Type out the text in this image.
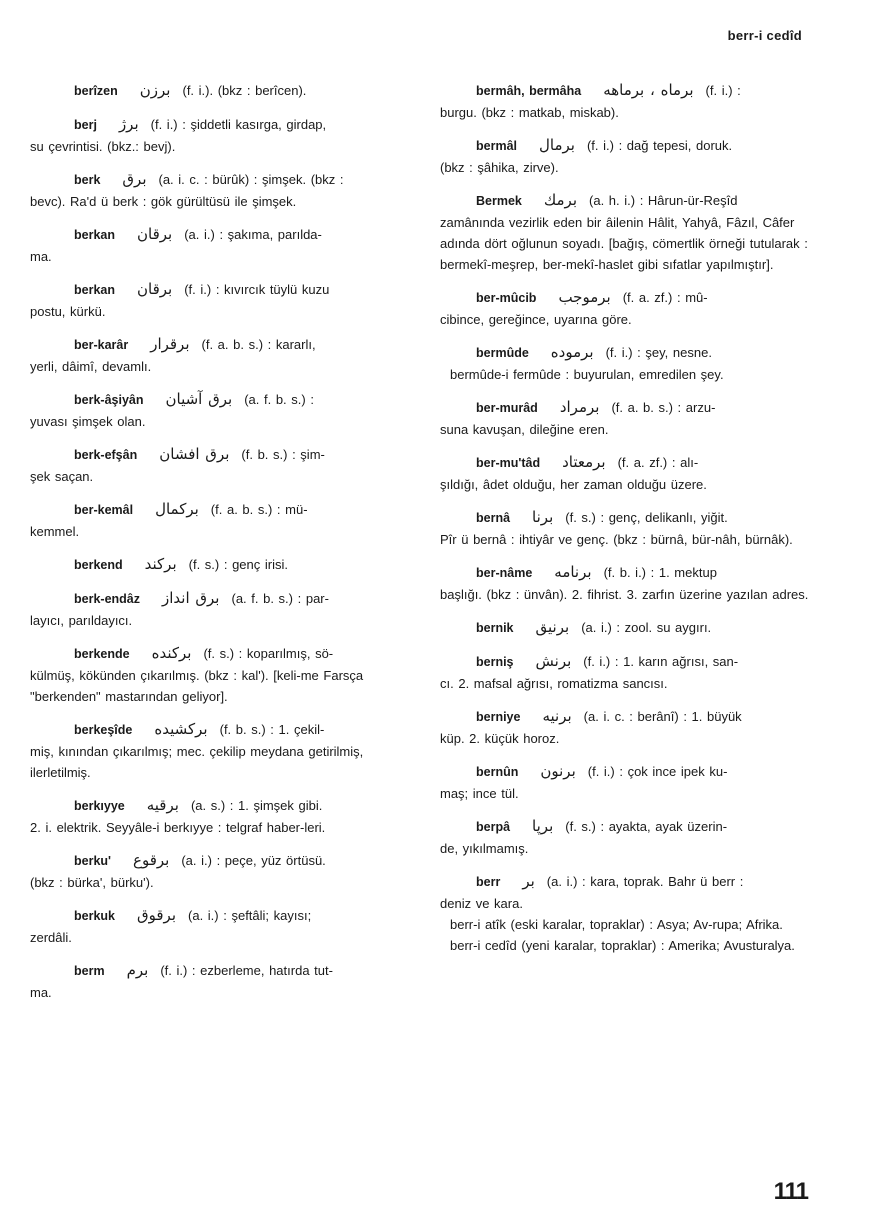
berr-i cedîd
berîzen برزن (f. i.). (bkz : berîcen).
berj برژ (f. i.) : şiddetli kasırga, girdap,
su çevrintisi. (bkz.: bevj).
berk برق (a. i. c. : bürûk) : şimşek. (bkz :
bevc). Ra'd ü berk : gök gürültüsü ile şimşek.
berkan برقان (a. i.) : şakıma, parılda-
ma.
berkan برقان (f. i.) : kıvırcık tüylü kuzu
postu, kürkü.
ber-karâr برقرار (f. a. b. s.) : kararlı,
yerli, dâimî, devamlı.
berk-âşiyân برق آشيان (a. f. b. s.) :
yuvası şimşek olan.
berk-efşân برق افشان (f. b. s.) : şim-
şek saçan.
ber-kemâl بركمال (f. a. b. s.) : mü-
kemmel.
berkend بركند (f. s.) : genç irisi.
berk-endâz برق انداز (a. f. b. s.) : par-
layıcı, parıldayıcı.
berkende بركنده (f. s.) : koparılmış, sö-
külmüş, kökünden çıkarılmış. (bkz : kal'). [keli-me Farsça "berkenden" mastarından geliyor].
berkeşîde بركشيده (f. b. s.) : 1. çekil-
miş, kınından çıkarılmış; mec. çekilip meydana getirilmiş, ilerletilmiş.
berkıyye برقيه (a. s.) : 1. şimşek gibi.
2. i. elektrik. Seyyâle-i berkıyye : telgraf haber-leri.
berku' برقوع (a. i.) : peçe, yüz örtüsü.
(bkz : bürka', bürku').
berkuk برقوق (a. i.) : şeftâli; kayısı;
zerdâli.
berm برم (f. i.) : ezberleme, hatırda tut-
ma.
bermâh, bermâha برماه ، برماهه (f. i.) :
burgu. (bkz : matkab, miskab).
bermâl برمال (f. i.) : dağ tepesi, doruk.
(bkz : şâhika, zirve).
Bermek برمك (a. h. i.) : Hârun-ür-Reşîd
zamânında vezirlik eden bir âilenin Hâlit, Yahyâ, Fâzıl, Câfer adında dört oğlunun soyadı. [bağış, cömertlik örneği tutularak : bermekî-meşrep, ber-mekî-haslet gibi sıfatlar yapılmıştır].
ber-mûcib برموجب (f. a. zf.) : mû-
cibince, gereğince, uyarına göre.
bermûde برموده (f. i.) : şey, nesne.
bermûde-i fermûde : buyurulan, emredilen şey.
ber-murâd برمراد (f. a. b. s.) : arzu-
suna kavuşan, dileğine eren.
ber-mu'tâd برمعتاد (f. a. zf.) : alı-
şıldığı, âdet olduğu, her zaman olduğu üzere.
bernâ برنا (f. s.) : genç, delikanlı, yiğit.
Pîr ü bernâ : ihtiyâr ve genç. (bkz : bürnâ, bür-nâh, bürnâk).
ber-nâme برنامه (f. b. i.) : 1. mektup
başlığı. (bkz : ünvân). 2. fihrist. 3. zarfın üzerine yazılan adres.
bernik برنيق (a. i.) : zool. su aygırı.
berniş برنش (f. i.) : 1. karın ağrısı, san-
cı. 2. mafsal ağrısı, romatizma sancısı.
berniye برنيه (a. i. c. : berânî) : 1. büyük
küp. 2. küçük horoz.
bernûn برنون (f. i.) : çok ince ipek ku-
maş; ince tül.
berpâ برپا (f. s.) : ayakta, ayak üzerin-
de, yıkılmamış.
berr بر (a. i.) : kara, toprak. Bahr ü berr :
deniz ve kara.
berr-i atîk (eski karalar, topraklar) : Asya; Av-rupa; Afrika.
berr-i cedîd (yeni karalar, topraklar) : Amerika; Avusturalya.
111
